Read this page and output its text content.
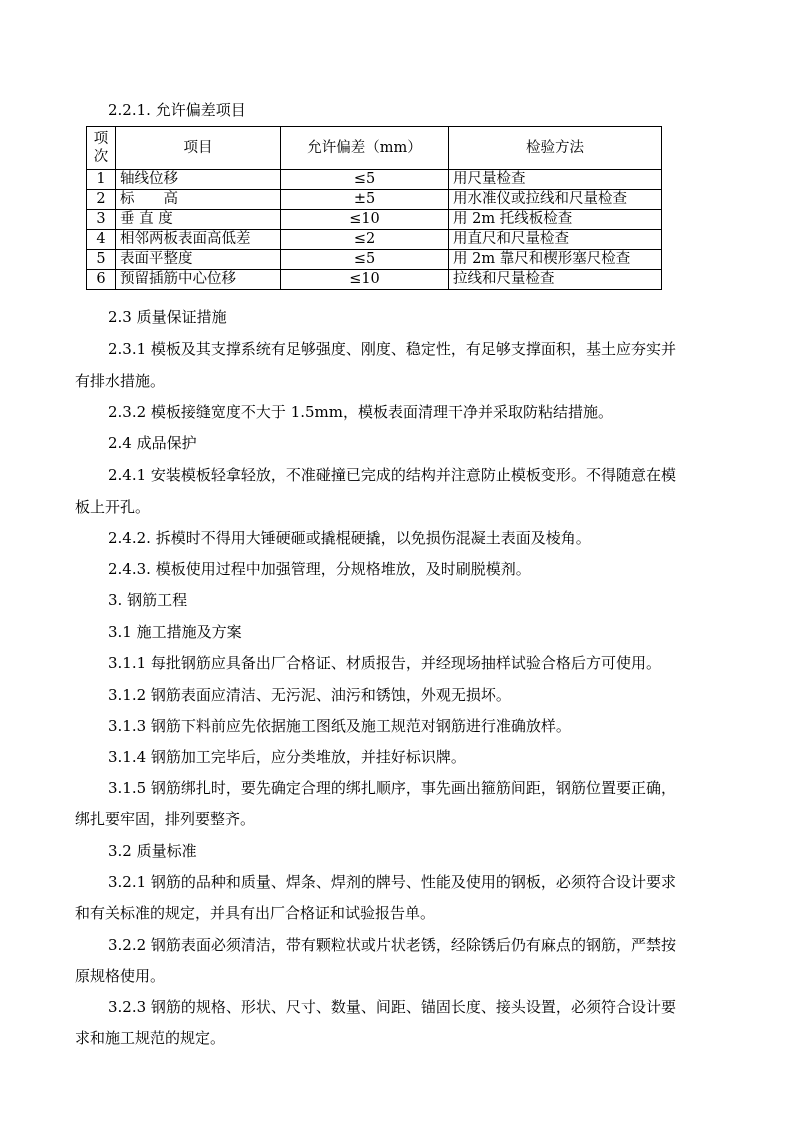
2.2.1. 允许偏差项目
项
次	项目	允许偏差（mm）	检验方法
1	轴线位移	≤5	用尺量检查
2	标　　高	±5	用水准仪或拉线和尺量检查
3	垂 直 度	≤10	用 2m 托线板检查
4	相邻两板表面高低差	≤2	用直尺和尺量检查
5	表面平整度	≤5	用 2m 靠尺和楔形塞尺检查
6	预留插筋中心位移	≤10	拉线和尺量检查
2.3 质量保证措施
2.3.1 模板及其支撑系统有足够强度、刚度、稳定性，有足够支撑面积，基土应夯实并
有排水措施。
2.3.2 模板接缝宽度不大于 1.5mm，模板表面清理干净并采取防粘结措施。
2.4 成品保护
2.4.1 安装模板轻拿轻放，不准碰撞已完成的结构并注意防止模板变形。不得随意在模
板上开孔。
2.4.2. 拆模时不得用大锤硬砸或撬棍硬撬，以免损伤混凝土表面及棱角。
2.4.3. 模板使用过程中加强管理，分规格堆放，及时刷脱模剂。
3. 钢筋工程
3.1 施工措施及方案
3.1.1 每批钢筋应具备出厂合格证、材质报告，并经现场抽样试验合格后方可使用。
3.1.2 钢筋表面应清洁、无污泥、油污和锈蚀，外观无损坏。
3.1.3 钢筋下料前应先依据施工图纸及施工规范对钢筋进行准确放样。
3.1.4 钢筋加工完毕后，应分类堆放，并挂好标识牌。
3.1.5 钢筋绑扎时，要先确定合理的绑扎顺序，事先画出箍筋间距，钢筋位置要正确，
绑扎要牢固，排列要整齐。
3.2 质量标准
3.2.1 钢筋的品种和质量、焊条、焊剂的牌号、性能及使用的钢板，必须符合设计要求
和有关标准的规定，并具有出厂合格证和试验报告单。
3.2.2 钢筋表面必须清洁，带有颗粒状或片状老锈，经除锈后仍有麻点的钢筋，严禁按
原规格使用。
3.2.3 钢筋的规格、形状、尺寸、数量、间距、锚固长度、接头设置，必须符合设计要
求和施工规范的规定。
